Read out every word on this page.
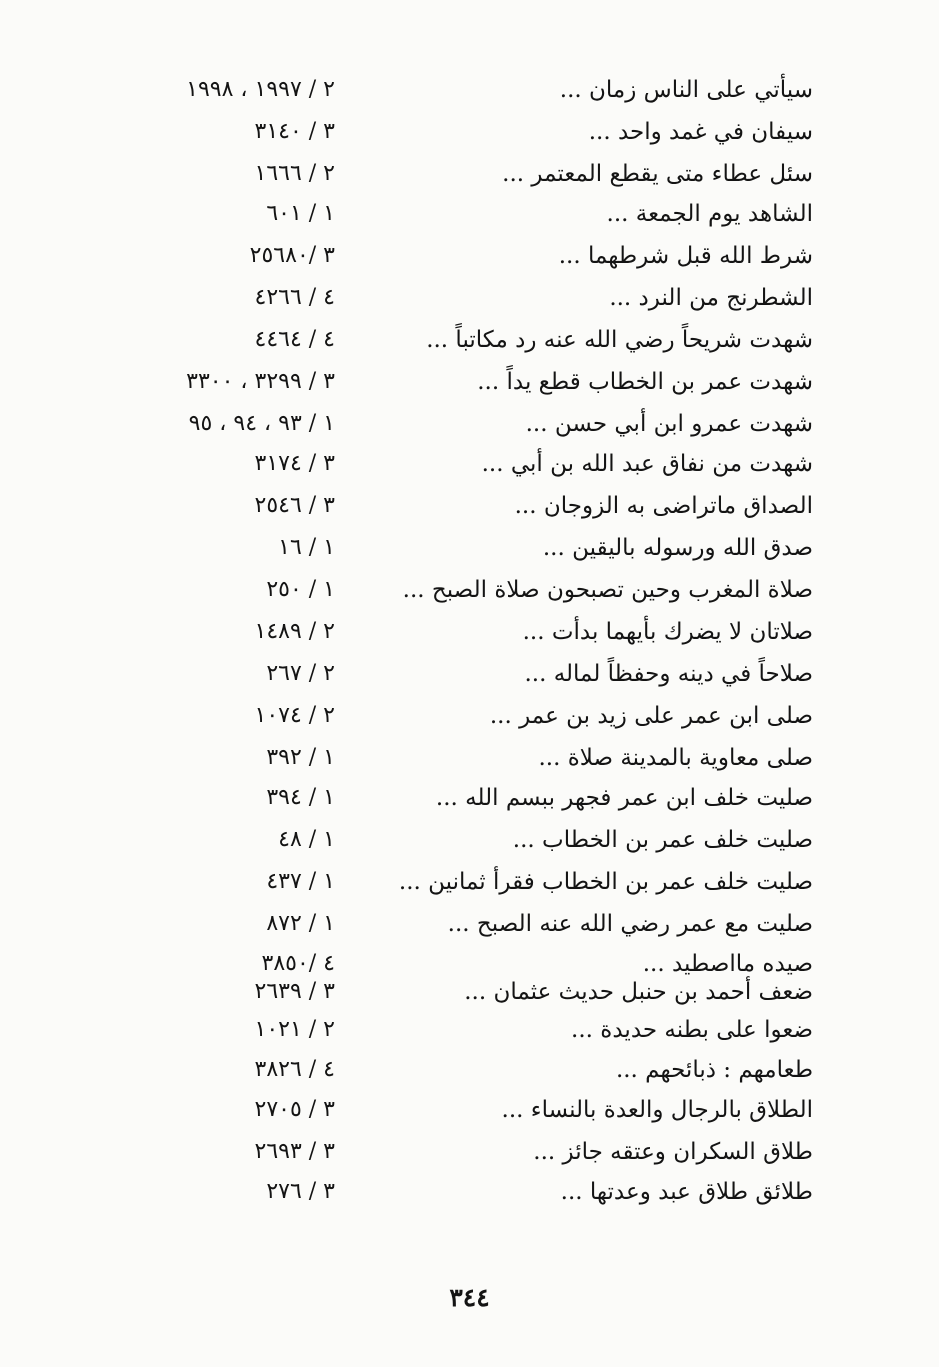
سيأتي على الناس زمان ...
٢ / ١٩٩٧ ، ١٩٩٨
سيفان في غمد واحد ...
٣ / ٣١٤٠
سئل عطاء متى يقطع المعتمر ...
٢ / ١٦٦٦
الشاهد يوم الجمعة ...
١ / ٦٠١
شرط الله قبل شرطهما ...
٣ /٢٥٦٨٠
الشطرنج من النرد ...
٤ / ٤٢٦٦
شهدت شريحاً رضي الله عنه رد مكاتباً ...
٤ / ٤٤٦٤
شهدت عمر بن الخطاب قطع يداً ...
٣ / ٣٢٩٩ ، ٣٣٠٠
شهدت عمرو ابن أبي حسن ...
١ / ٩٣ ، ٩٤ ، ٩٥
شهدت من نفاق عبد الله بن أبي ...
٣ / ٣١٧٤
الصداق ماتراضى به الزوجان ...
٣ / ٢٥٤٦
صدق الله ورسوله باليقين ...
١ / ١٦
صلاة المغرب وحين تصبحون صلاة الصبح ...
١ / ٢٥٠
صلاتان لا يضرك بأيهما بدأت ...
٢ / ١٤٨٩
صلاحاً في دينه وحفظاً لماله ...
٢ / ٢٦٧
صلى ابن عمر على زيد بن عمر ...
٢ / ١٠٧٤
صلى معاوية بالمدينة صلاة ...
١ / ٣٩٢
صليت خلف ابن عمر فجهر ببسم الله ...
١ / ٣٩٤
صليت خلف عمر بن الخطاب ...
١ / ٤٨
صليت خلف عمر بن الخطاب فقرأ ثمانين ...
١ / ٤٣٧
صليت مع عمر رضي الله عنه الصبح ...
١ / ٨٧٢
صيده مااصطيد ...
٤ /٣٨٥٠
ضعف أحمد بن حنبل حديث عثمان ...
٣ / ٢٦٣٩
ضعوا على بطنه حديدة ...
٢ / ١٠٢١
طعامهم : ذبائحهم ...
٤ / ٣٨٢٦
الطلاق بالرجال والعدة بالنساء ...
٣ / ٢٧٠٥
طلاق السكران وعتقه جائز ...
٣ / ٢٦٩٣
طلائق طلاق عبد وعدتها ...
٣ / ٢٧٦
٣٤٤
